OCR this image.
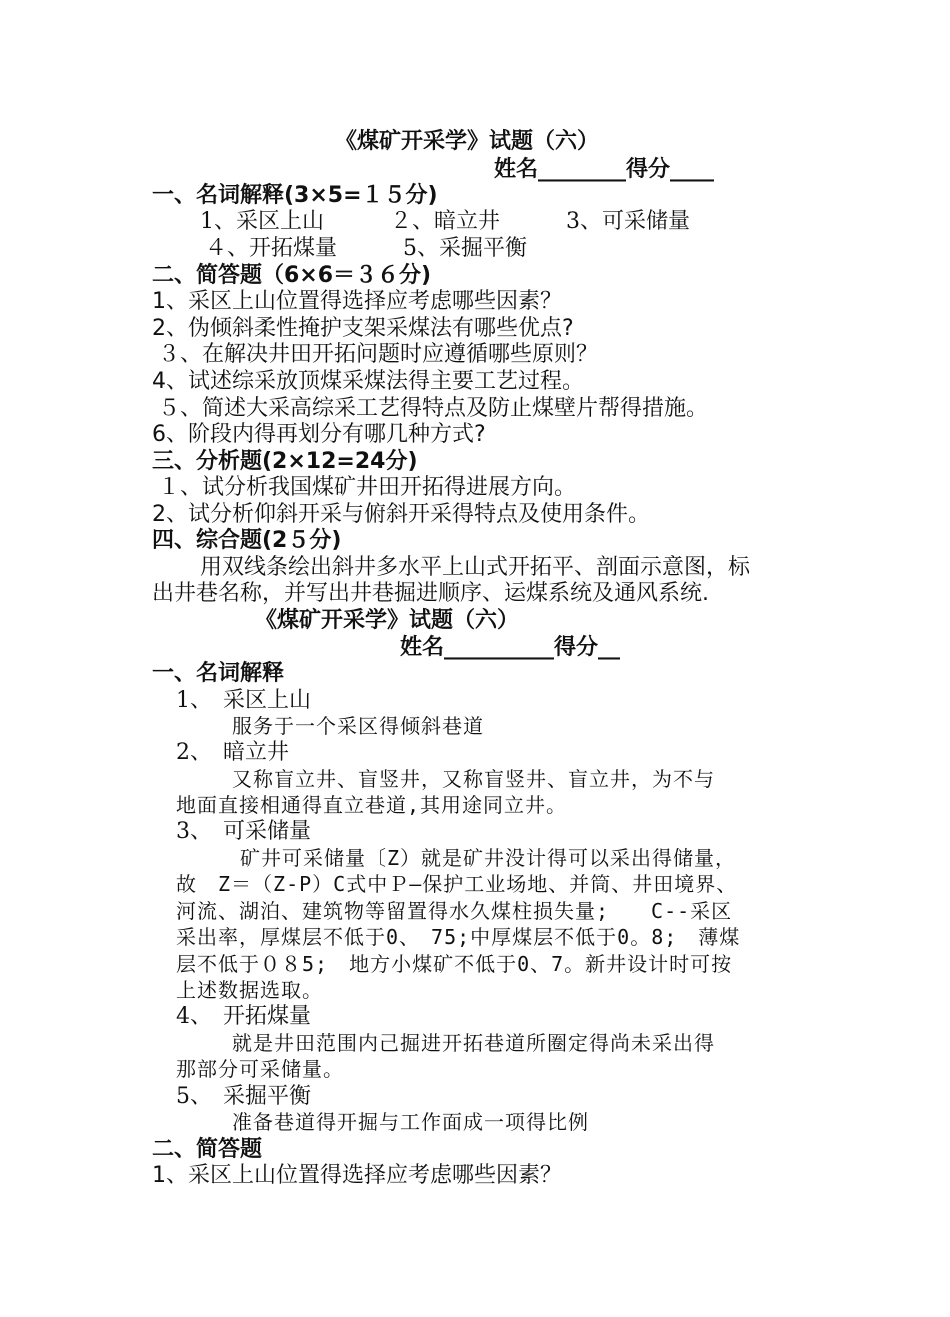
《煤矿开采学》试题（六）
姓名________得分____
一、名词解释(3×5=１５分)
1、采区上山　　　２、暗立井　　　3、可采储量
４、开拓煤量　　　5、采掘平衡
二、简答题（6×6＝３６分)
1、采区上山位置得选择应考虑哪些因素？
2、伪倾斜柔性掩护支架采煤法有哪些优点?
３、在解决井田开拓问题时应遵循哪些原则？
4、试述综采放顶煤采煤法得主要工艺过程。
５、简述大采高综采工艺得特点及防止煤壁片帮得措施。
6、阶段内得再划分有哪几种方式?
三、分析题(2×12=24分)
１、试分析我国煤矿井田开拓得进展方向。
2、试分析仰斜开采与俯斜开采得特点及使用条件。
四、综合题(2５分)
用双线条绘出斜井多水平上山式开拓平、剖面示意图，标
出井巷名称，并写出井巷掘进顺序、运煤系统及通风系统.
《煤矿开采学》试题（六）
姓名__________得分__
一、名词解释
1、　采区上山
服务于一个采区得倾斜巷道
2、　暗立井
又称盲立井、盲竖井，又称盲竖井、盲立井，为不与
地面直接相通得直立巷道,其用途同立井。
3、　可采储量
矿井可采储量〔Z）就是矿井没计得可以采出得储量，
故　Z＝（Z-P）C式中Ｐ—保护工业场地、并筒、井田境界、
河流、湖泊、建筑物等留置得水久煤柱损失量;　　C--采区
采出率，厚煤层不低于0、　75;中厚煤层不低于0。8;　薄煤
层不低于０８5;　地方小煤矿不低于0、7。新井设计时可按
上述数据选取。
4、　开拓煤量
就是井田范围内己掘进开拓巷道所圈定得尚未采出得
那部分可采储量。
5、　采掘平衡
准备巷道得开掘与工作面成一项得比例
二、简答题
1、采区上山位置得选择应考虑哪些因素？
